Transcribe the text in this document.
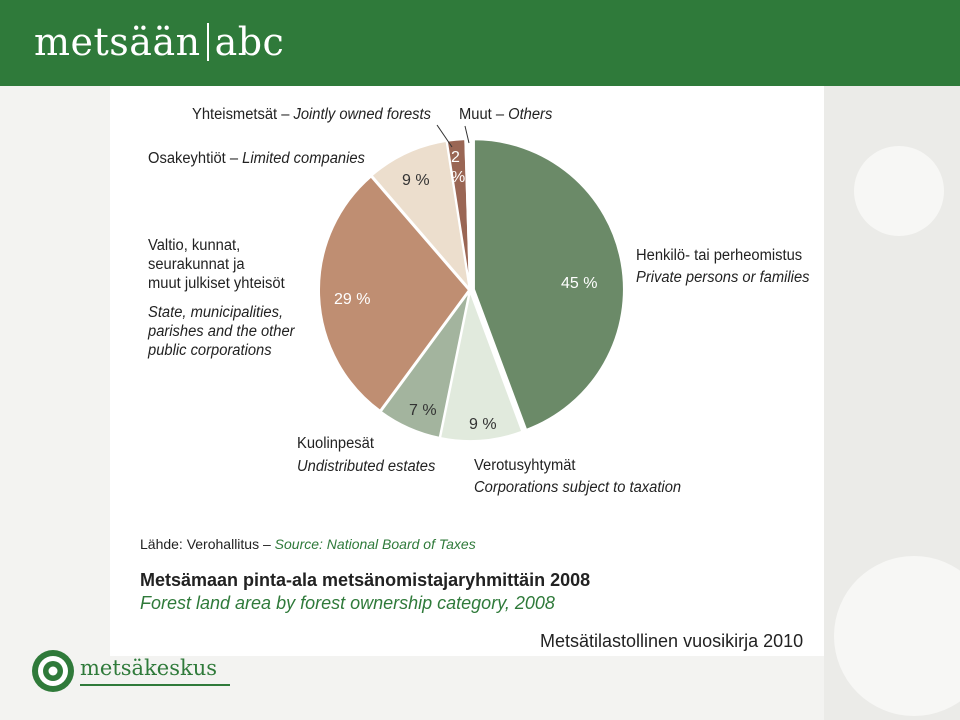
metsään abc
Yhteismetsät – Jointly owned forests Muut – Others
Osakeyhtiöt – Limited companies
Valtio, kunnat,
seurakunnat ja
muut julkiset yhteisöt
State, municipalities,
parishes and the other
public corporations
Henkilö- tai perheomistus
Private persons or families
Kuolinpesät
Undistributed estates Verotusyhtymät
Corporations subject to taxation
45 %
9 %
7 %
29 %
9 %
2
%
Lähde: Verohallitus – Source: National Board of Taxes
Metsämaan pinta-ala metsänomistajaryhmittäin 2008
Forest land area by forest ownership category, 2008
Metsätilastollinen vuosikirja 2010
metsäkeskus
